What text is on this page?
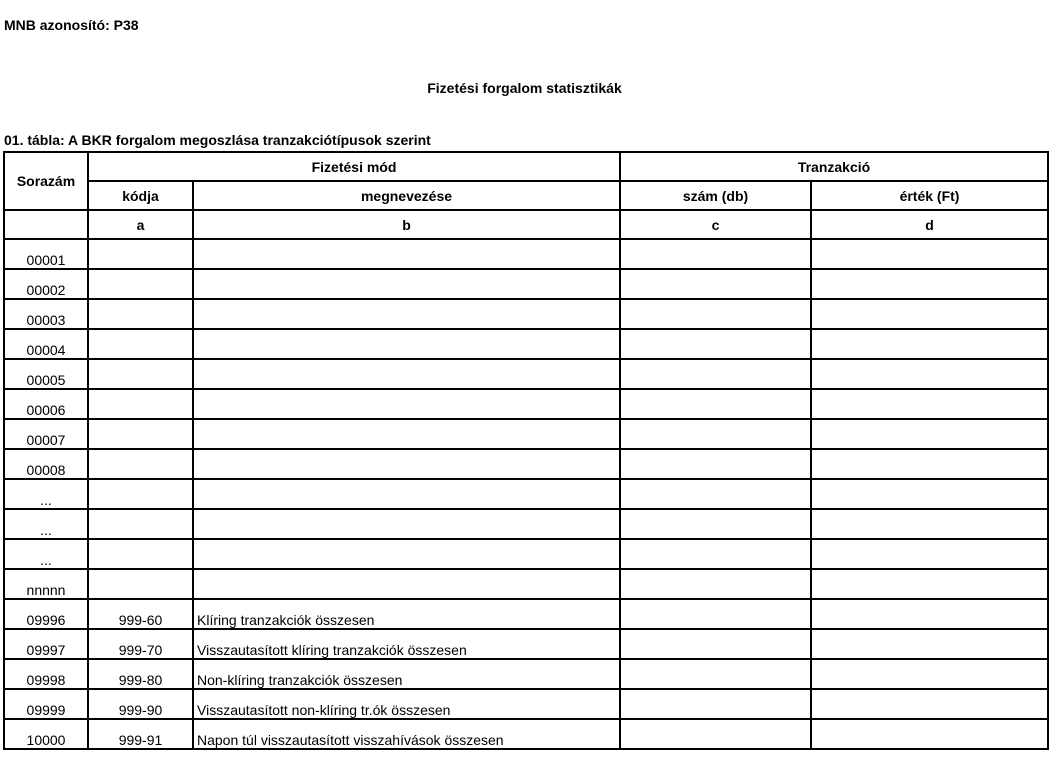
MNB azonosító: P38
Fizetési forgalom statisztikák
01. tábla: A BKR forgalom megoszlása tranzakciótípusok szerint
Sorazám	Fizetési mód		Tranzakció	
	kódja	megnevezése	szám (db)	érték (Ft)
	a	b	c	d
00001				
00002				
00003				
00004				
00005				
00006				
00007				
00008				
...				
...				
...				
nnnnn				
09996	999-60	Klíring tranzakciók összesen		
09997	999-70	Visszautasított klíring tranzakciók összesen		
09998	999-80	Non-klíring tranzakciók összesen		
09999	999-90	Visszautasított non-klíring tr.ók összesen		
10000	999-91	Napon túl visszautasított visszahívások összesen		
